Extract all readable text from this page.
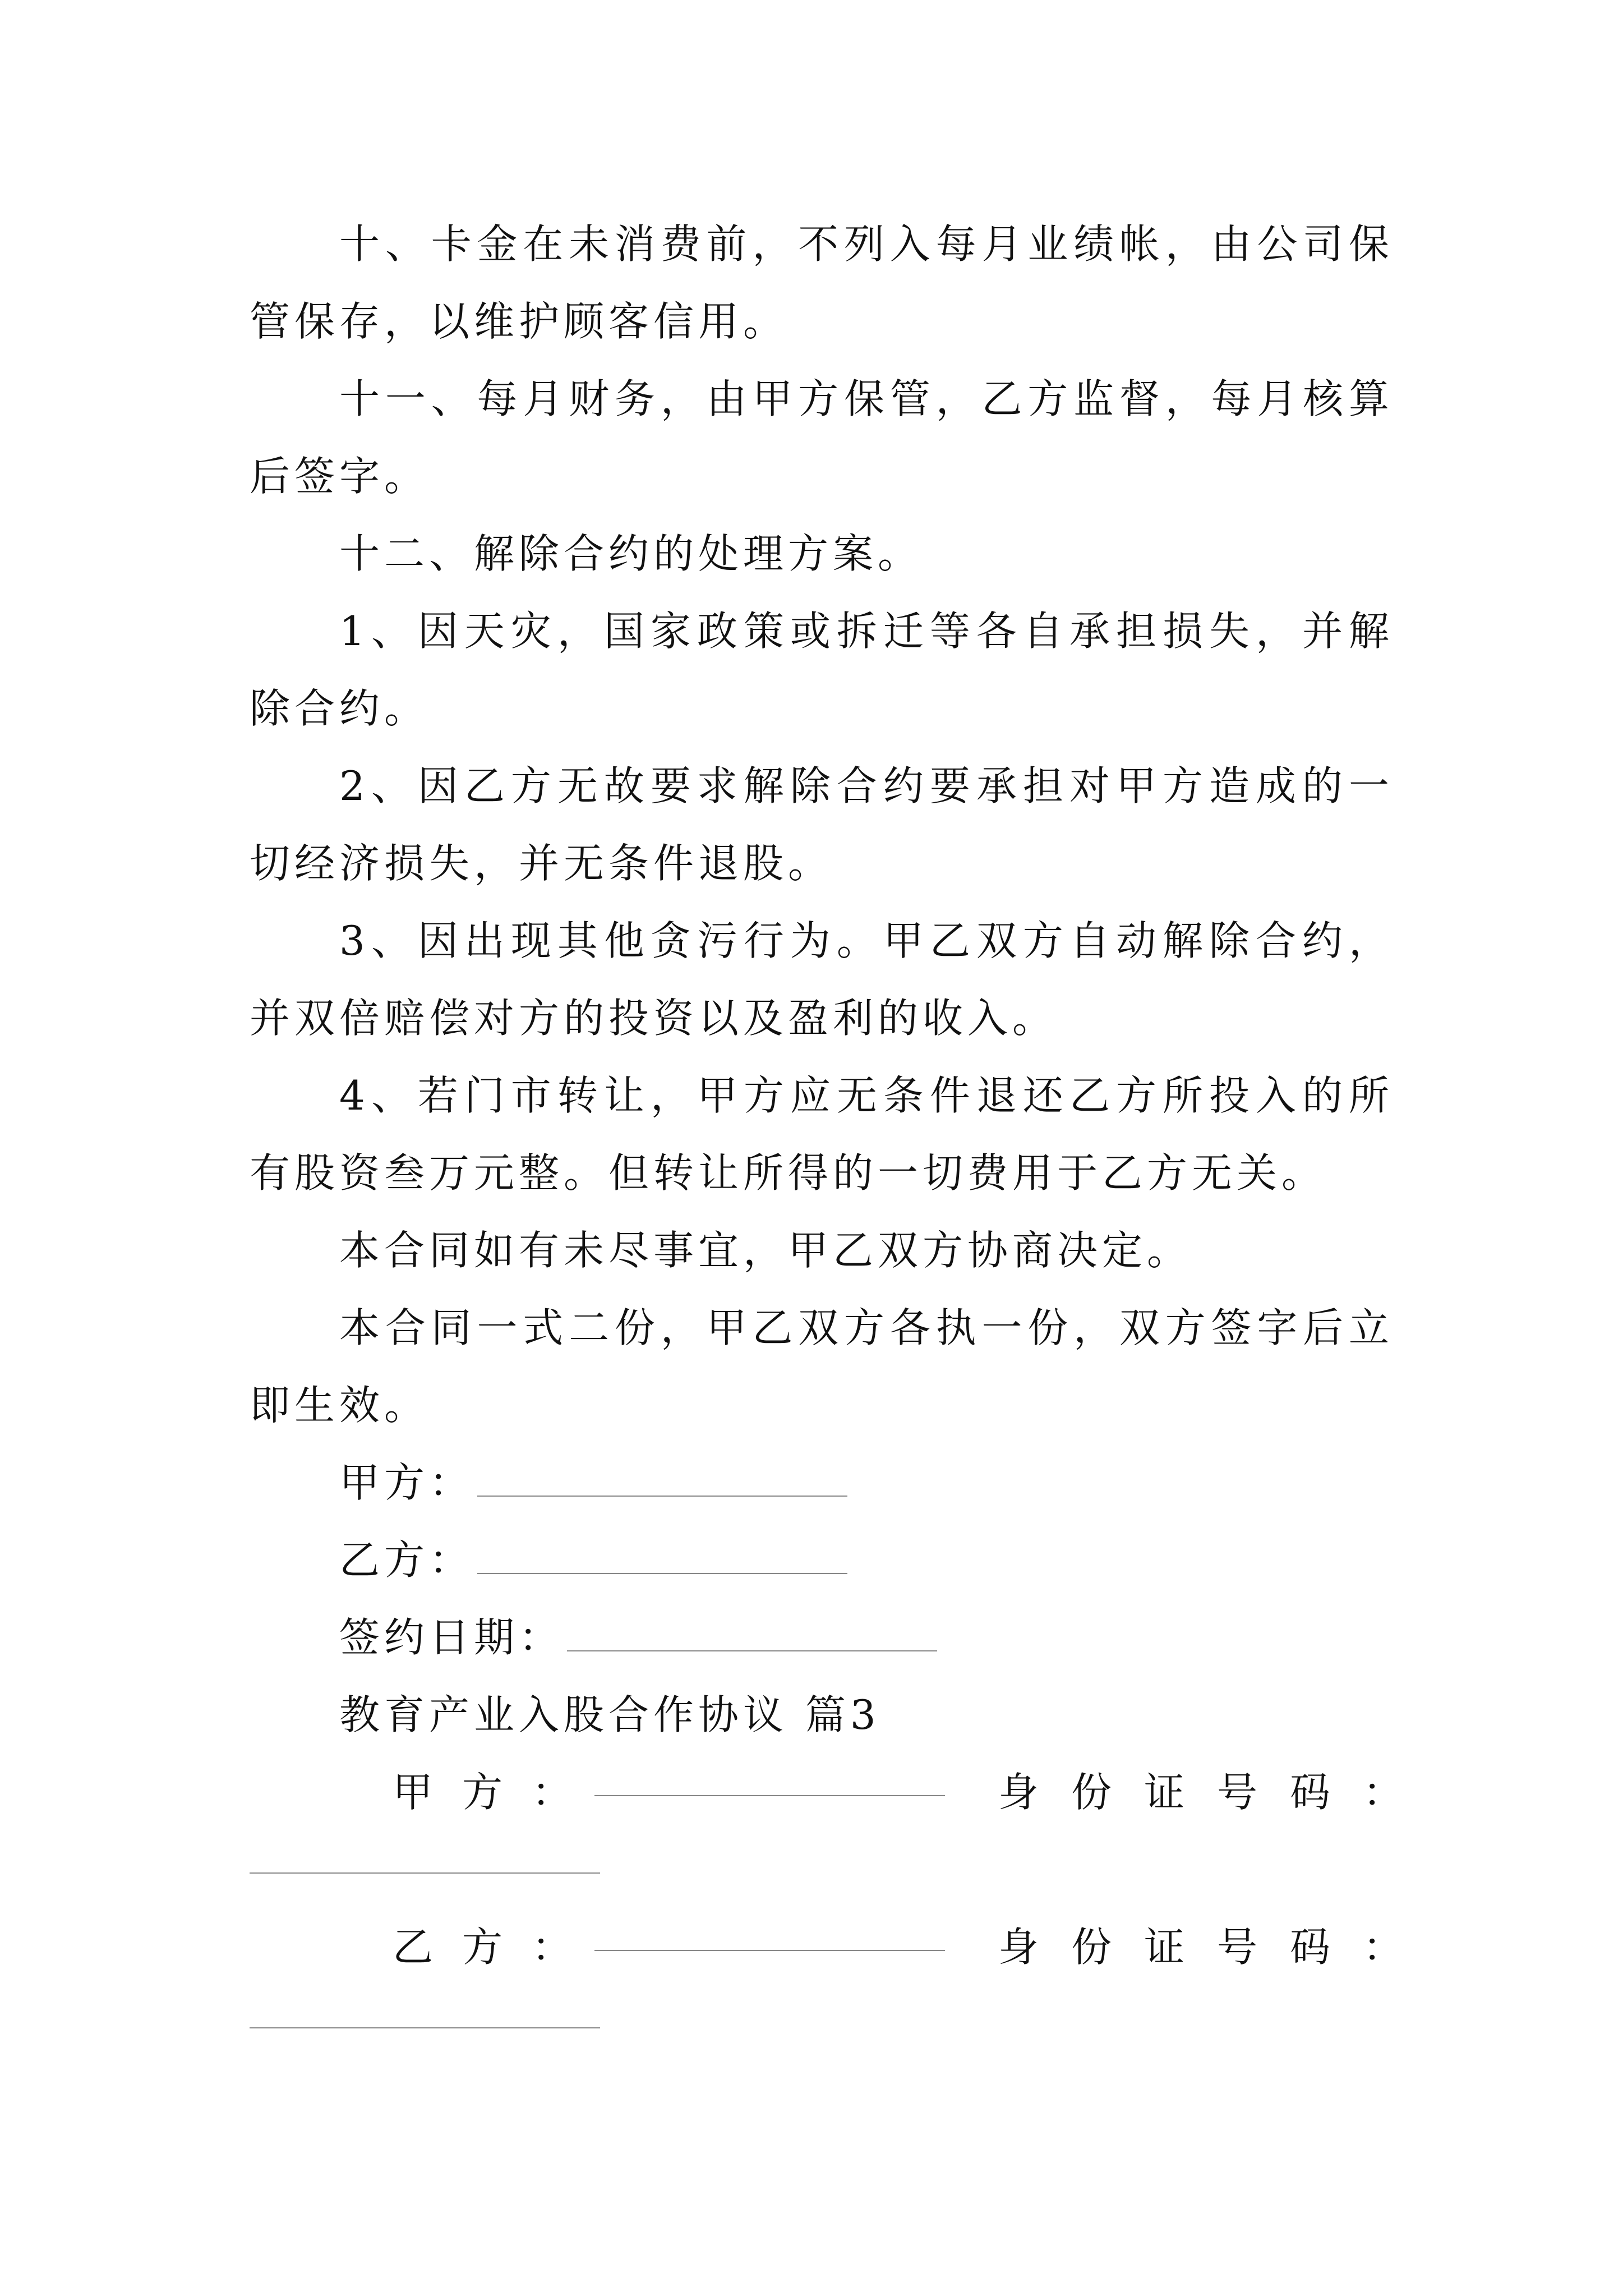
十、卡金在未消费前，不列入每月业绩帐，由公司保管保存，以维护顾客信用。

十一、每月财务，由甲方保管，乙方监督，每月核算后签字。

十二、解除合约的处理方案。

1、因天灾，国家政策或拆迁等各自承担损失，并解除合约。

2、因乙方无故要求解除合约要承担对甲方造成的一切经济损失，并无条件退股。

3、因出现其他贪污行为。甲乙双方自动解除合约，并双倍赔偿对方的投资以及盈利的收入。

4、若门市转让，甲方应无条件退还乙方所投入的所有股资叁万元整。但转让所得的一切费用于乙方无关。

本合同如有未尽事宜，甲乙双方协商决定。

本合同一式二份，甲乙双方各执一份，双方签字后立即生效。

甲方：

乙方：

签约日期：

教育产业入股合作协议 篇3

甲方：	身份证号码：
乙方：	身份证号码：
